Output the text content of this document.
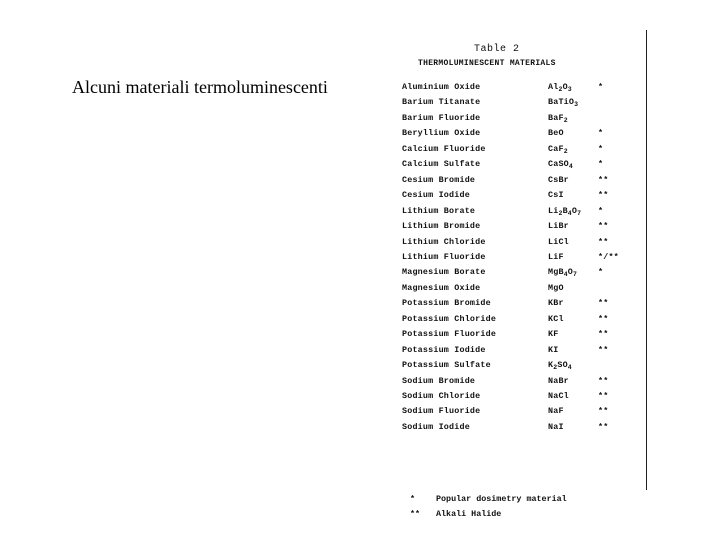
Alcuni materiali termoluminescenti
Table 2
THERMOLUMINESCENT MATERIALS
Aluminium Oxide	$Al_2O_3$	*
Barium Titanate	BaTiO$_3$
Barium Fluoride	BaF$_2$
Beryllium Oxide	BeO	*
Calcium Fluoride	CaF$_2$	*
Calcium Sulfate	CaSO$_4$	*
Cesium Bromide	CsBr	**
Cesium Iodide	CsI	**
Lithium Borate	$Li_2B_4O_7$ *
Lithium Bromide	LiBr	**
Lithium Chloride	LiCl	**
Lithium Fluoride	LiF	*/**
Magnesium Borate	$MgB_4O_7$ *
Magnesium Oxide	MgO
Potassium Bromide	KBr	**
Potassium Chloride	KCl	**
Potassium Fluoride	KF	**
Potassium Iodide	KI	**
Potassium Sulfate	$K_2SO_4$
Sodium Bromide	NaBr	**
Sodium Chloride	NaCl	**
Sodium Fluoride	NaF	**
Sodium Iodide	NaI	**
* Popular dosimetry material
** Alkali Halide
